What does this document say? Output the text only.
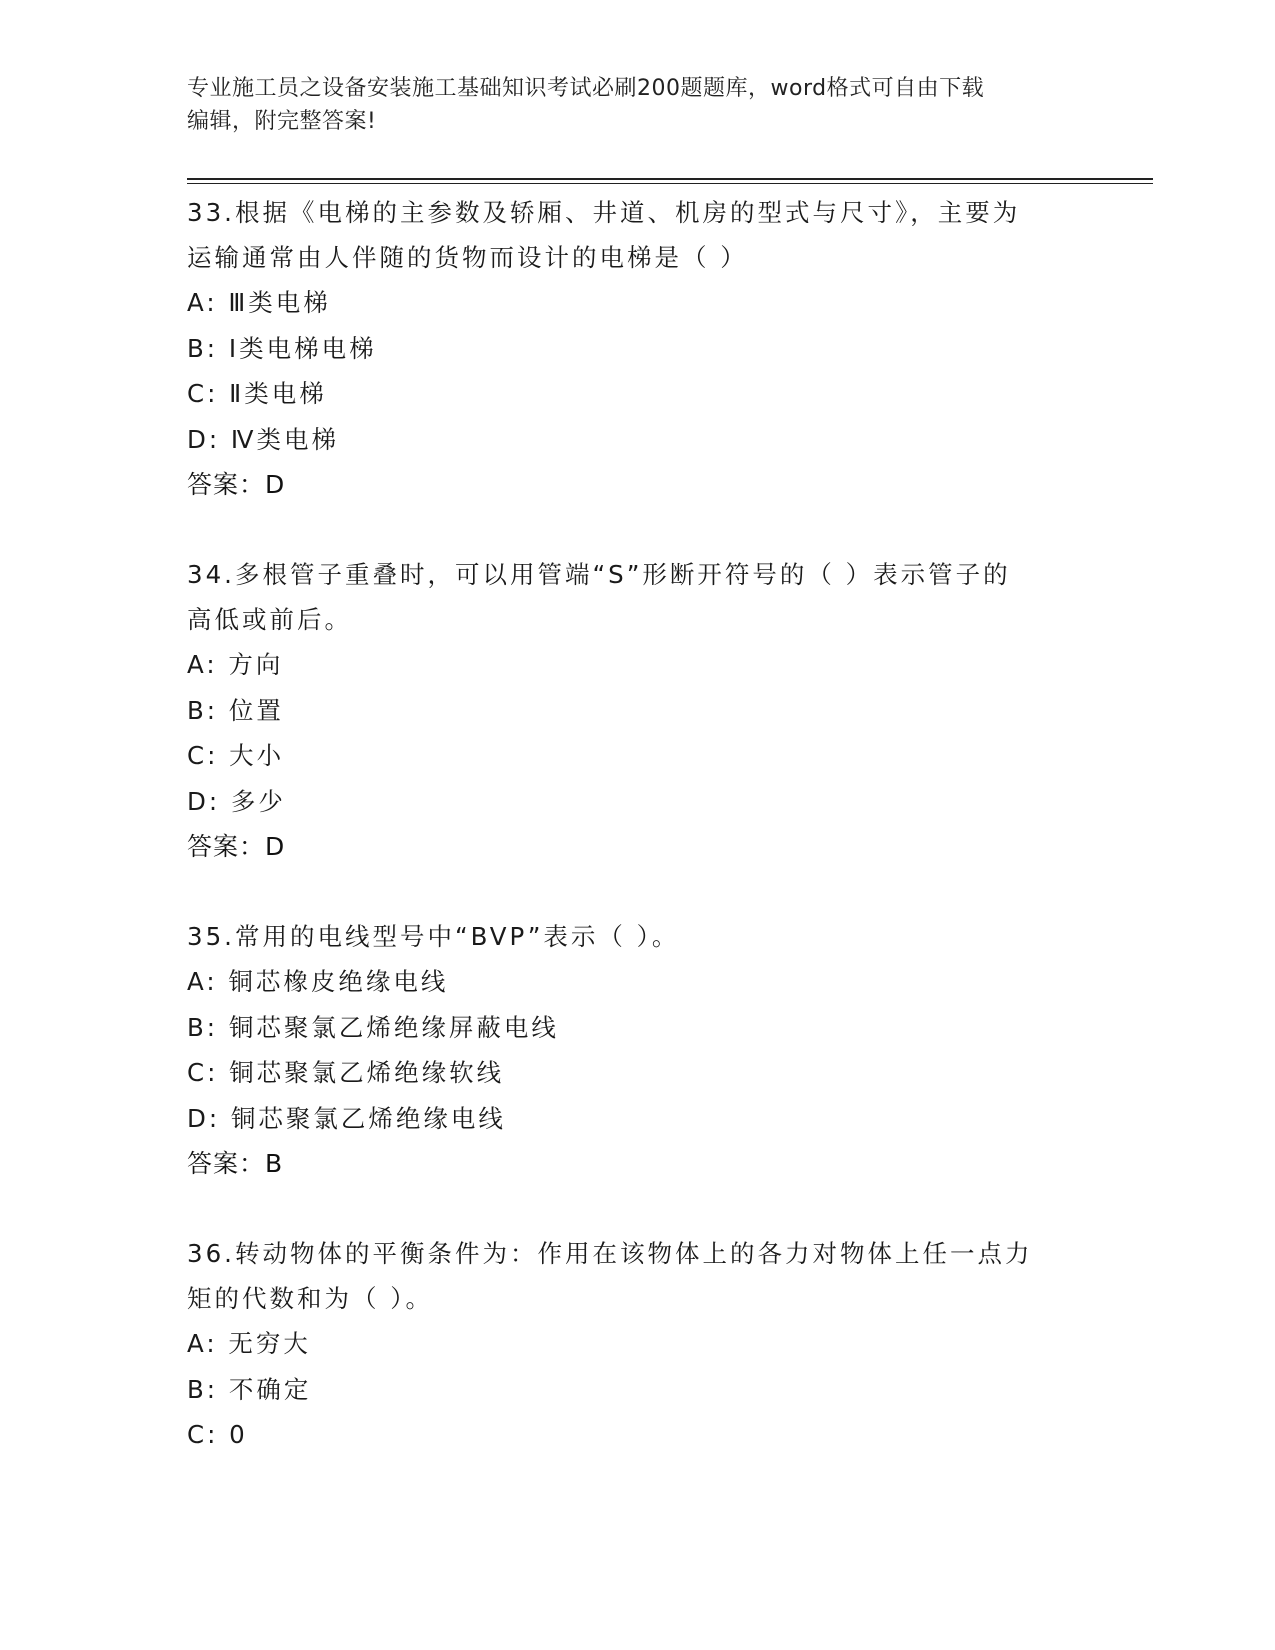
专业施工员之设备安装施工基础知识考试必刷200题题库，word格式可自由下载
编辑，附完整答案!
33.根据《电梯的主参数及轿厢、井道、机房的型式与尺寸》，主要为
运输通常由人伴随的货物而设计的电梯是（ ）
A: Ⅲ类电梯
B: Ⅰ类电梯电梯
C: Ⅱ类电梯
D: Ⅳ类电梯
答案：D
34.多根管子重叠时，可以用管端“S”形断开符号的（ ）表示管子的
高低或前后。
A: 方向
B: 位置
C: 大小
D: 多少
答案：D
35.常用的电线型号中“BVP”表示（ ）。
A: 铜芯橡皮绝缘电线
B: 铜芯聚氯乙烯绝缘屏蔽电线
C: 铜芯聚氯乙烯绝缘软线
D: 铜芯聚氯乙烯绝缘电线
答案：B
36.转动物体的平衡条件为：作用在该物体上的各力对物体上任一点力
矩的代数和为（ ）。
A: 无穷大
B: 不确定
C: 0
